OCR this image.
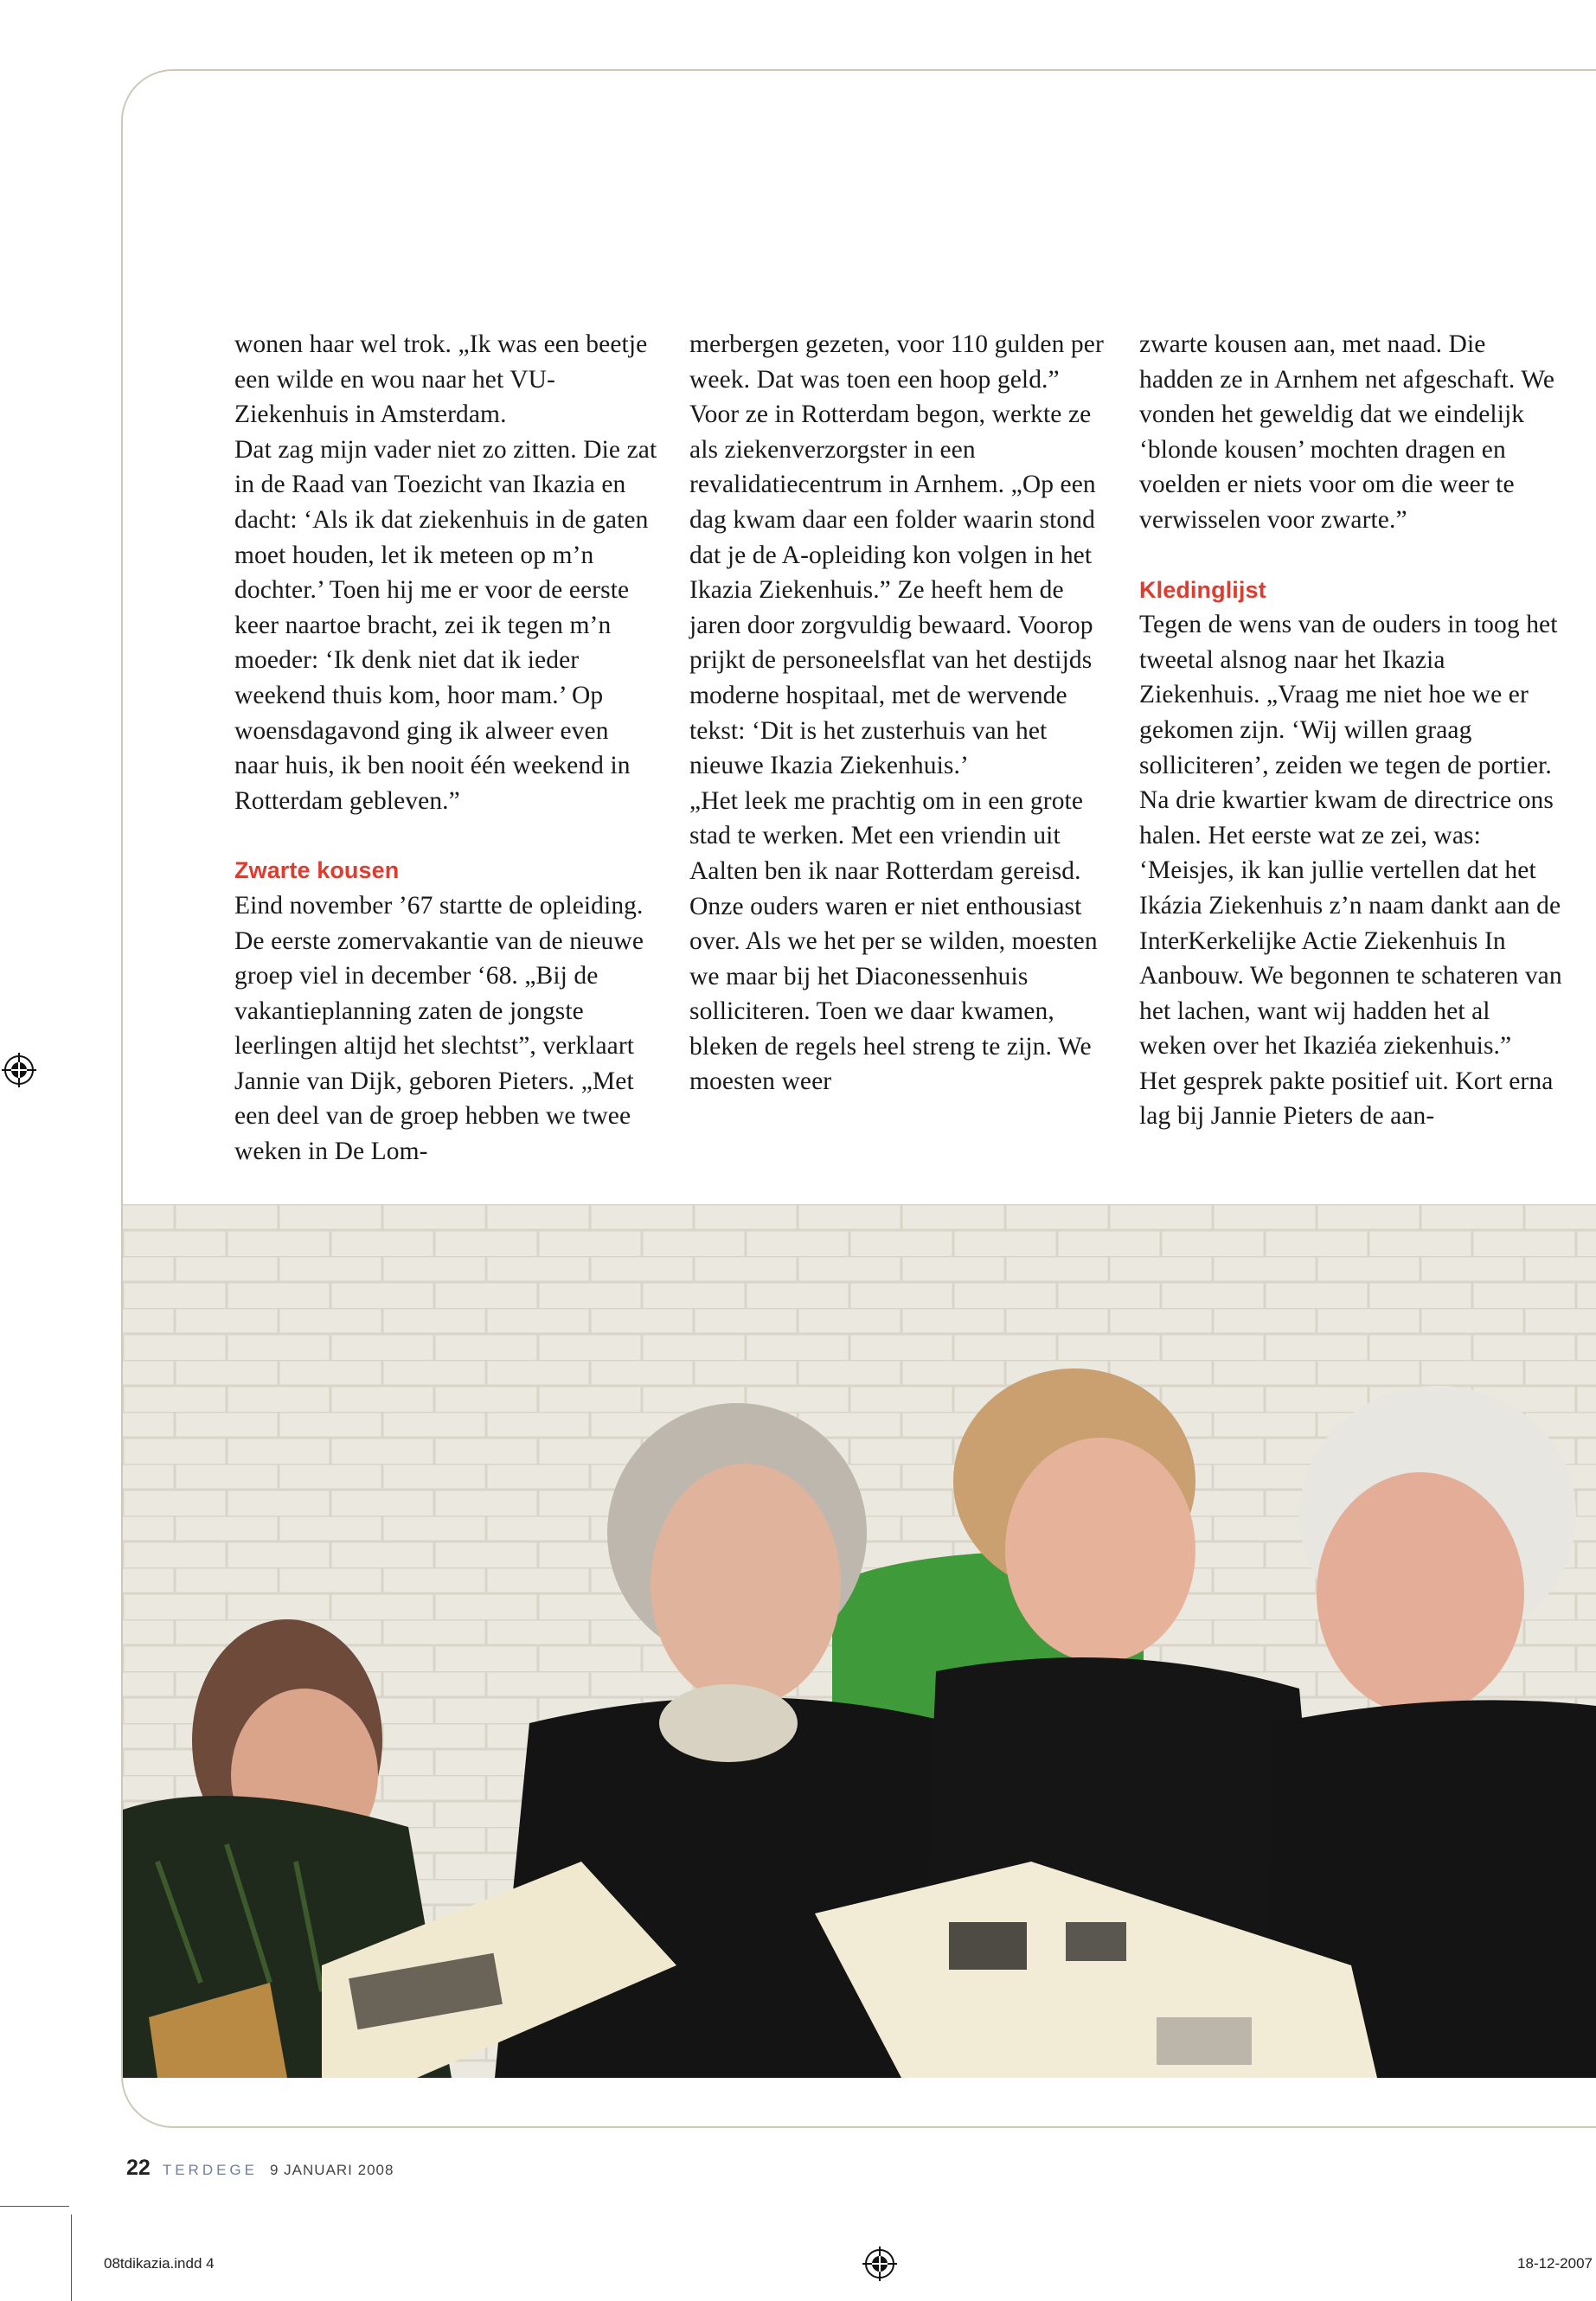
wonen haar wel trok. „Ik was een beetje een wilde en wou naar het VU-Ziekenhuis in Amsterdam.

Dat zag mijn vader niet zo zitten. Die zat in de Raad van Toezicht van Ikazia en dacht: ‘Als ik dat ziekenhuis in de gaten moet houden, let ik meteen op m’n dochter.’ Toen hij me er voor de eerste keer naartoe bracht, zei ik tegen m’n moeder: ‘Ik denk niet dat ik ieder weekend thuis kom, hoor mam.’ Op woensdagavond ging ik alweer even naar huis, ik ben nooit één weekend in Rotterdam gebleven.”

Zwarte kousen

Eind november ’67 startte de opleiding. De eerste zomervakantie van de nieuwe groep viel in december ‘68. „Bij de vakantieplanning zaten de jongste leerlingen altijd het slechtst”, verklaart Jannie van Dijk, geboren Pieters. „Met een deel van de groep hebben we twee weken in De Lom-

merbergen gezeten, voor 110 gulden per week. Dat was toen een hoop geld.”

Voor ze in Rotterdam begon, werkte ze als ziekenverzorgster in een revalidatiecentrum in Arnhem. „Op een dag kwam daar een folder waarin stond dat je de A-opleiding kon volgen in het Ikazia Ziekenhuis.” Ze heeft hem de jaren door zorgvuldig bewaard. Voorop prijkt de personeelsflat van het destijds moderne hospitaal, met de wervende tekst: ‘Dit is het zusterhuis van het nieuwe Ikazia Ziekenhuis.’

„Het leek me prachtig om in een grote stad te werken. Met een vriendin uit Aalten ben ik naar Rotterdam gereisd. Onze ouders waren er niet enthousiast over. Als we het per se wilden, moesten we maar bij het Diaconessenhuis solliciteren. Toen we daar kwamen, bleken de regels heel streng te zijn. We moesten weer

zwarte kousen aan, met naad. Die hadden ze in Arnhem net afgeschaft. We vonden het geweldig dat we eindelijk ‘blonde kousen’ mochten dragen en voelden er niets voor om die weer te verwisselen voor zwarte.”

Kledinglijst

Tegen de wens van de ouders in toog het tweetal alsnog naar het Ikazia Ziekenhuis. „Vraag me niet hoe we er gekomen zijn. ‘Wij willen graag solliciteren’, zeiden we tegen de portier. Na drie kwartier kwam de directrice ons halen. Het eerste wat ze zei, was: ‘Meisjes, ik kan jullie vertellen dat het Ikázia Ziekenhuis z’n naam dankt aan de InterKerkelijke Actie Ziekenhuis In Aanbouw. We begonnen te schateren van het lachen, want wij hadden het al weken over het Ikaziéa ziekenhuis.”

Het gesprek pakte positief uit. Kort erna lag bij Jannie Pieters de aan-

22 TERDEGE 9 JANUARI 2008
08tdikazia.indd 4	18-12-2007
